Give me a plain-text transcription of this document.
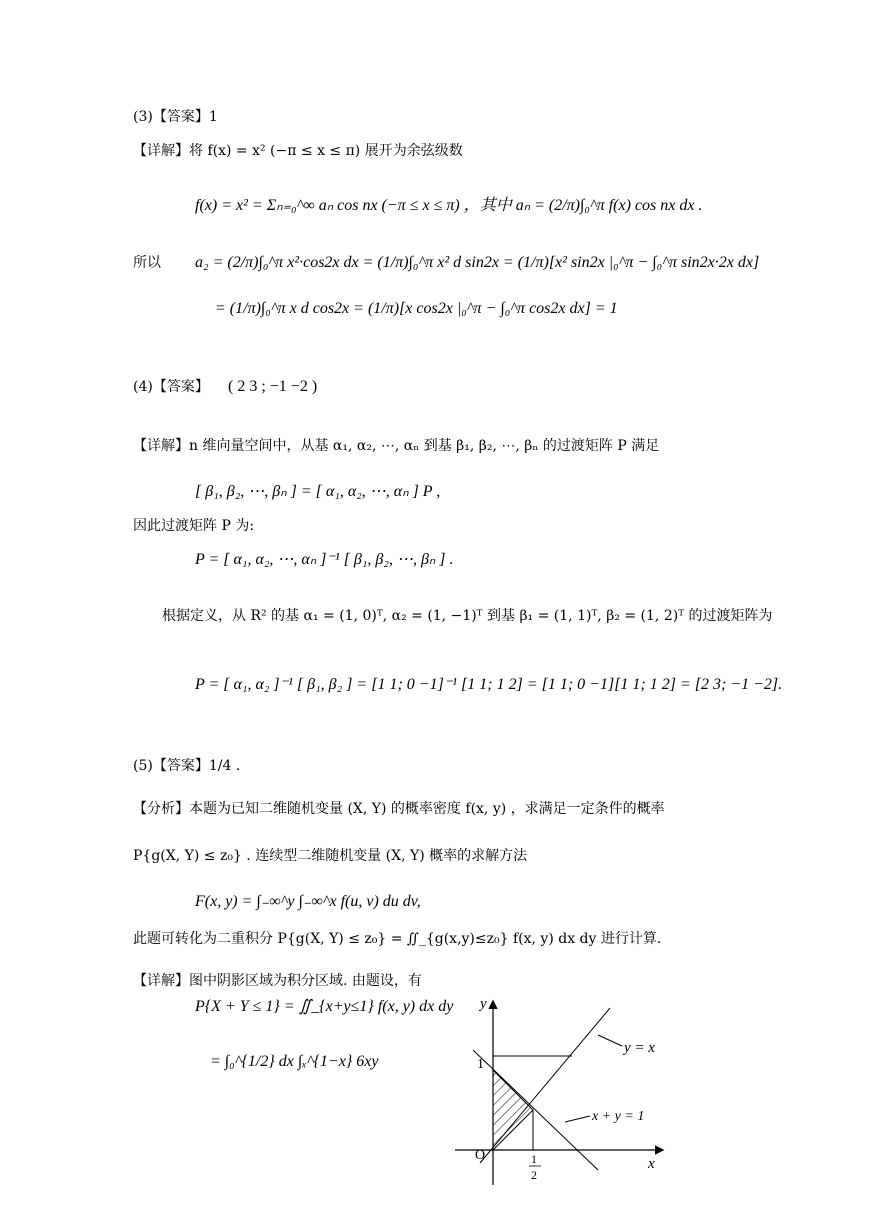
(3)【答案】1
【详解】将 f(x) = x² (−π ≤ x ≤ π) 展开为余弦级数
f(x) = x² = Σₙ₌₀^∞ aₙ cos nx (−π ≤ x ≤ π) ，其中 aₙ = (2/π)∫₀^π f(x) cos nx dx .
所以 a₂ = (2/π)∫₀^π x²·cos2x dx = (1/π)∫₀^π x² d sin2x = (1/π)[x² sin2x |₀^π − ∫₀^π sin2x·2x dx]
= (1/π)∫₀^π x d cos2x = (1/π)[x cos2x |₀^π − ∫₀^π cos2x dx] = 1
(4)【答案】 ( 2 3 ; −1 −2 )
【详解】n 维向量空间中，从基 α₁, α₂, ⋯, αₙ 到基 β₁, β₂, ⋯, βₙ 的过渡矩阵 P 满足
[ β₁, β₂, ⋯, βₙ ] = [ α₁, α₂, ⋯, αₙ ] P ,
因此过渡矩阵 P 为:
P = [ α₁, α₂, ⋯, αₙ ]⁻¹ [ β₁, β₂, ⋯, βₙ ] .
根据定义，从 R² 的基 α₁ = (1, 0)ᵀ, α₂ = (1, −1)ᵀ 到基 β₁ = (1, 1)ᵀ, β₂ = (1, 2)ᵀ 的过渡矩阵为
P = [ α₁, α₂ ]⁻¹ [ β₁, β₂ ] = [1 1; 0 −1]⁻¹ [1 1; 1 2] = [1 1; 0 −1][1 1; 1 2] = [2 3; −1 −2].
(5)【答案】1/4 .
【分析】本题为已知二维随机变量 (X, Y) 的概率密度 f(x, y) ，求满足一定条件的概率
P{g(X, Y) ≤ z₀} . 连续型二维随机变量 (X, Y) 概率的求解方法
F(x, y) = ∫₋∞^y ∫₋∞^x f(u, v) du dv,
此题可转化为二重积分 P{g(X, Y) ≤ z₀} = ∬_{g(x,y)≤z₀} f(x, y) dx dy 进行计算.
【详解】图中阴影区域为积分区域. 由题设，有
P{X + Y ≤ 1} = ∬_{x+y≤1} f(x, y) dx dy
= ∫₀^{1/2} dx ∫ₓ^{1−x} 6xy
y
x
O
1
1
2
y = x
x + y = 1
